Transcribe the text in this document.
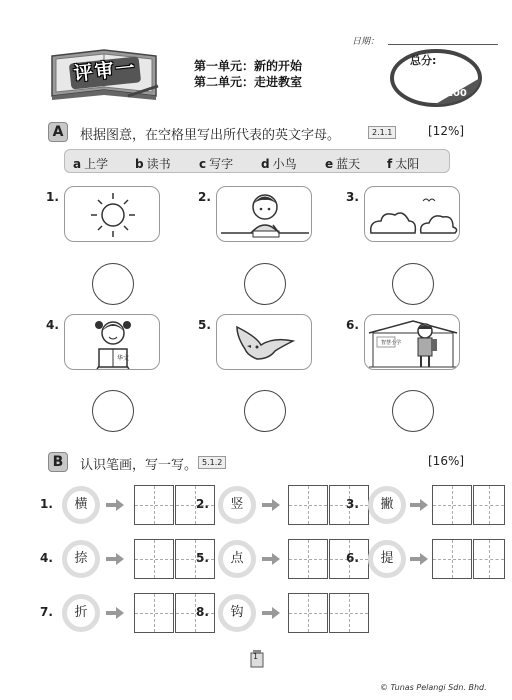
日期：
评审一	第一单元：新的开始
第二单元：走进教室
总分:
100
A	根据图意，在空格里写出所代表的英文字母。	2.1.1	[12%]
a 上学 b 读书 c 写字 d 小鸟 e 蓝天 f 太阳
1.	2.	3.
4.	5.	6.
华文
智慧小学
B	认识笔画，写一写。 5.1.2	[16%]
1.	横	2.	竖	3.	撇
4.	捺	5.	点	6.	提
7.	折	8.	钩
1
© Tunas Pelangi Sdn. Bhd.
